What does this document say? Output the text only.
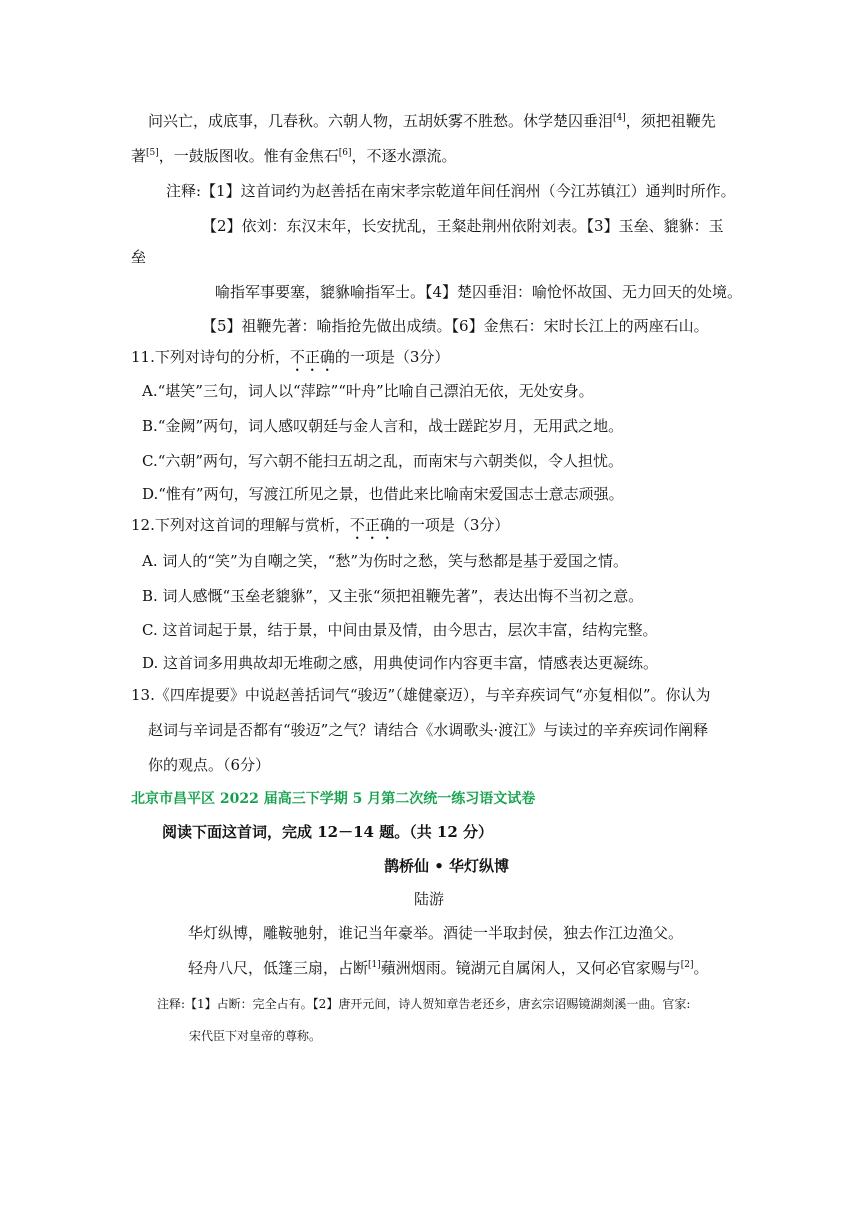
问兴亡，成底事，几春秋。六朝人物，五胡妖雾不胜愁。休学楚囚垂泪[4]，须把祖鞭先
著[5]，一鼓版图收。惟有金焦石[6]，不逐水漂流。
注释:【1】这首词约为赵善括在南宋孝宗乾道年间任润州（今江苏镇江）通判时所作。
【2】依刘：东汉末年，长安扰乱，王粲赴荆州依附刘表。【3】玉垒、貔貅：玉
垒
喻指军事要塞，貔貅喻指军士。【4】楚囚垂泪：喻怆怀故国、无力回天的处境。
【5】祖鞭先著：喻指抢先做出成绩。【6】金焦石：宋时长江上的两座石山。
11.下列对诗句的分析，不正确的一项是（3分）
A.“堪笑”三句，词人以“萍踪”“叶舟”比喻自己漂泊无依，无处安身。
B.“金阙”两句，词人感叹朝廷与金人言和，战士蹉跎岁月，无用武之地。
C.“六朝”两句，写六朝不能扫五胡之乱，而南宋与六朝类似，令人担忧。
D.“惟有”两句，写渡江所见之景，也借此来比喻南宋爱国志士意志顽强。
12.下列对这首词的理解与赏析，不正确的一项是（3分）
A. 词人的“笑”为自嘲之笑，“愁”为伤时之愁，笑与愁都是基于爱国之情。
B. 词人感慨“玉垒老貔貅”，又主张“须把祖鞭先著”，表达出悔不当初之意。
C. 这首词起于景，结于景，中间由景及情，由今思古，层次丰富，结构完整。
D. 这首词多用典故却无堆砌之感，用典使词作内容更丰富，情感表达更凝练。
13.《四库提要》中说赵善括词气“骏迈”（雄健豪迈），与辛弃疾词气“亦复相似”。你认为
赵词与辛词是否都有“骏迈”之气？请结合《水调歌头·渡江》与读过的辛弃疾词作阐释
你的观点。（6分）
北京市昌平区 2022 届高三下学期 5 月第二次统一练习语文试卷
阅读下面这首词，完成 12－14 题。（共 12 分）
鹊桥仙 • 华灯纵博
陆游
华灯纵博，雕鞍驰射，谁记当年豪举。酒徒一半取封侯，独去作江边渔父。
轻舟八尺，低篷三扇，占断[1]蘋洲烟雨。镜湖元自属闲人，又何必官家赐与[2]。
注释:【1】占断：完全占有。【2】唐开元间，诗人贺知章告老还乡，唐玄宗诏赐镜湖剡溪一曲。官家:
宋代臣下对皇帝的尊称。
